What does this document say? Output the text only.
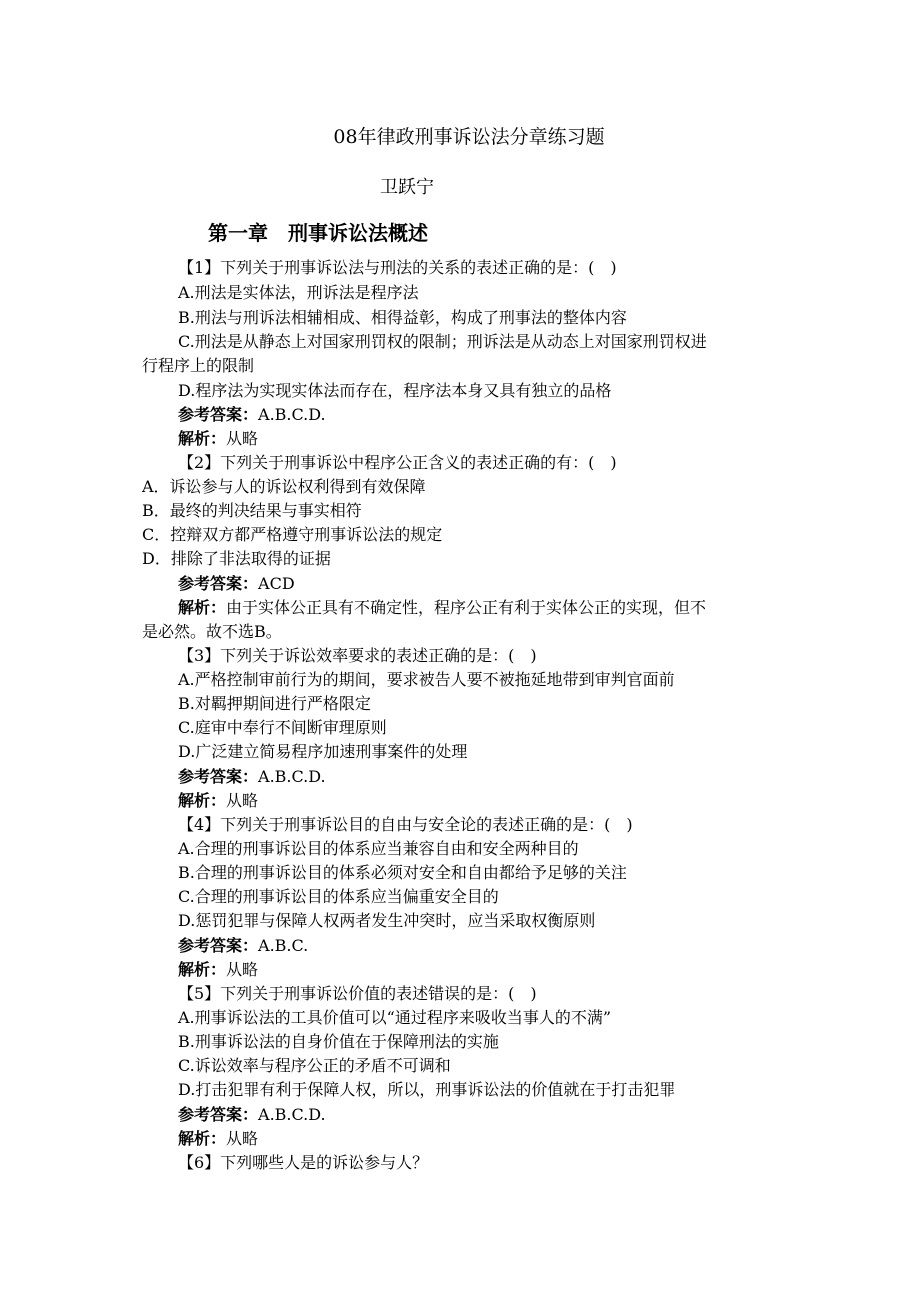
08年律政刑事诉讼法分章练习题
卫跃宁
第一章　刑事诉讼法概述
【1】下列关于刑事诉讼法与刑法的关系的表述正确的是：(　)
A.刑法是实体法，刑诉法是程序法
B.刑法与刑诉法相辅相成、相得益彰，构成了刑事法的整体内容
C.刑法是从静态上对国家刑罚权的限制；刑诉法是从动态上对国家刑罚权进
行程序上的限制
D.程序法为实现实体法而存在，程序法本身又具有独立的品格
参考答案：A.B.C.D.
解析：从略
【2】下列关于刑事诉讼中程序公正含义的表述正确的有：(　)
A．诉讼参与人的诉讼权利得到有效保障
B．最终的判决结果与事实相符
C．控辩双方都严格遵守刑事诉讼法的规定
D．排除了非法取得的证据
参考答案：ACD
解析：由于实体公正具有不确定性，程序公正有利于实体公正的实现，但不
是必然。故不选B。
【3】下列关于诉讼效率要求的表述正确的是：(　)
A.严格控制审前行为的期间，要求被告人要不被拖延地带到审判官面前
B.对羁押期间进行严格限定
C.庭审中奉行不间断审理原则
D.广泛建立简易程序加速刑事案件的处理
参考答案：A.B.C.D.
解析：从略
【4】下列关于刑事诉讼目的自由与安全论的表述正确的是：(　)
A.合理的刑事诉讼目的体系应当兼容自由和安全两种目的
B.合理的刑事诉讼目的体系必须对安全和自由都给予足够的关注
C.合理的刑事诉讼目的体系应当偏重安全目的
D.惩罚犯罪与保障人权两者发生冲突时，应当采取权衡原则
参考答案：A.B.C.
解析：从略
【5】下列关于刑事诉讼价值的表述错误的是：(　)
A.刑事诉讼法的工具价值可以“通过程序来吸收当事人的不满”
B.刑事诉讼法的自身价值在于保障刑法的实施
C.诉讼效率与程序公正的矛盾不可调和
D.打击犯罪有利于保障人权，所以，刑事诉讼法的价值就在于打击犯罪
参考答案：A.B.C.D.
解析：从略
【6】下列哪些人是的诉讼参与人？
